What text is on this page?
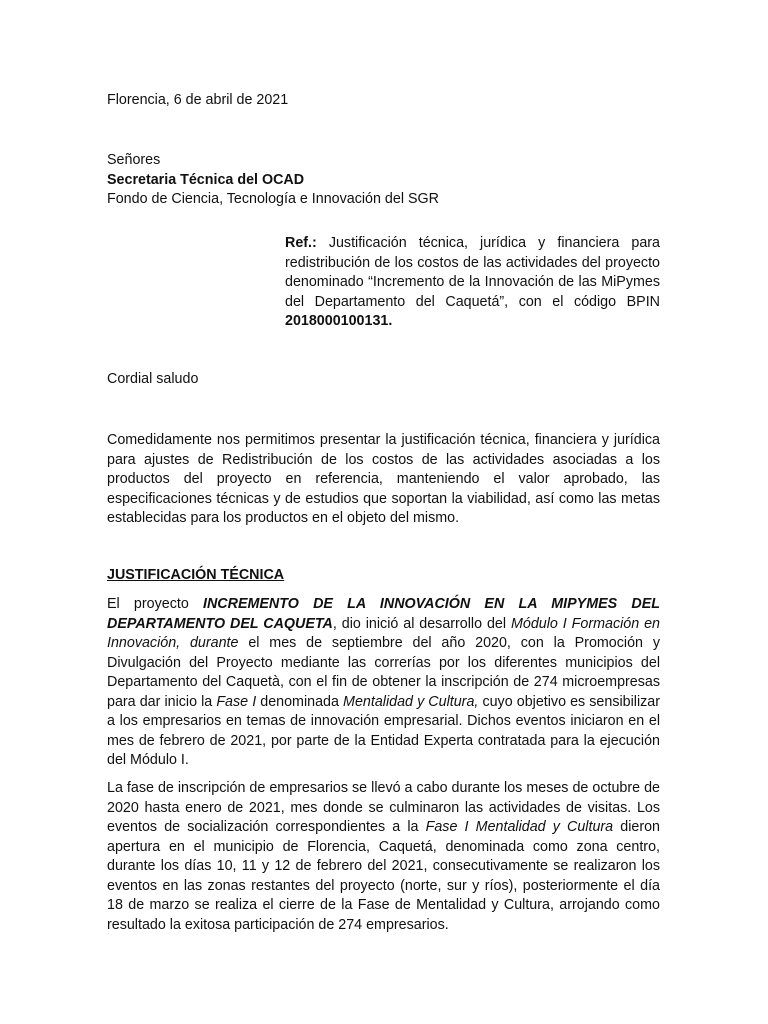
Florencia, 6 de abril de 2021
Señores
Secretaria Técnica del OCAD
Fondo de Ciencia, Tecnología e Innovación del SGR
Ref.: Justificación técnica, jurídica y financiera para redistribución de los costos de las actividades del proyecto denominado “Incremento de la Innovación de las MiPymes del Departamento del Caquetá”, con el código BPIN 2018000100131.
Cordial saludo
Comedidamente nos permitimos presentar la justificación técnica, financiera y jurídica para ajustes de Redistribución de los costos de las actividades asociadas a los productos del proyecto en referencia, manteniendo el valor aprobado, las especificaciones técnicas y de estudios que soportan la viabilidad, así como las metas establecidas para los productos en el objeto del mismo.
JUSTIFICACIÓN TÉCNICA
El proyecto INCREMENTO DE LA INNOVACIÓN EN LA MIPYMES DEL DEPARTAMENTO DEL CAQUETA, dio inició al desarrollo del Módulo I Formación en Innovación, durante el mes de septiembre del año 2020, con la Promoción y Divulgación del Proyecto mediante las correrías por los diferentes municipios del Departamento del Caquetà, con el fin de obtener la inscripción de 274 microempresas para dar inicio la Fase I denominada Mentalidad y Cultura, cuyo objetivo es sensibilizar a los empresarios en temas de innovación empresarial. Dichos eventos iniciaron en el mes de febrero de 2021, por parte de la Entidad Experta contratada para la ejecución del Módulo I.
La fase de inscripción de empresarios se llevó a cabo durante los meses de octubre de 2020 hasta enero de 2021, mes donde se culminaron las actividades de visitas. Los eventos de socialización correspondientes a la Fase I Mentalidad y Cultura dieron apertura en el municipio de Florencia, Caquetá, denominada como zona centro, durante los días 10, 11 y 12 de febrero del 2021, consecutivamente se realizaron los eventos en las zonas restantes del proyecto (norte, sur y ríos), posteriormente el día 18 de marzo se realiza el cierre de la Fase de Mentalidad y Cultura, arrojando como resultado la exitosa participación de 274 empresarios.
